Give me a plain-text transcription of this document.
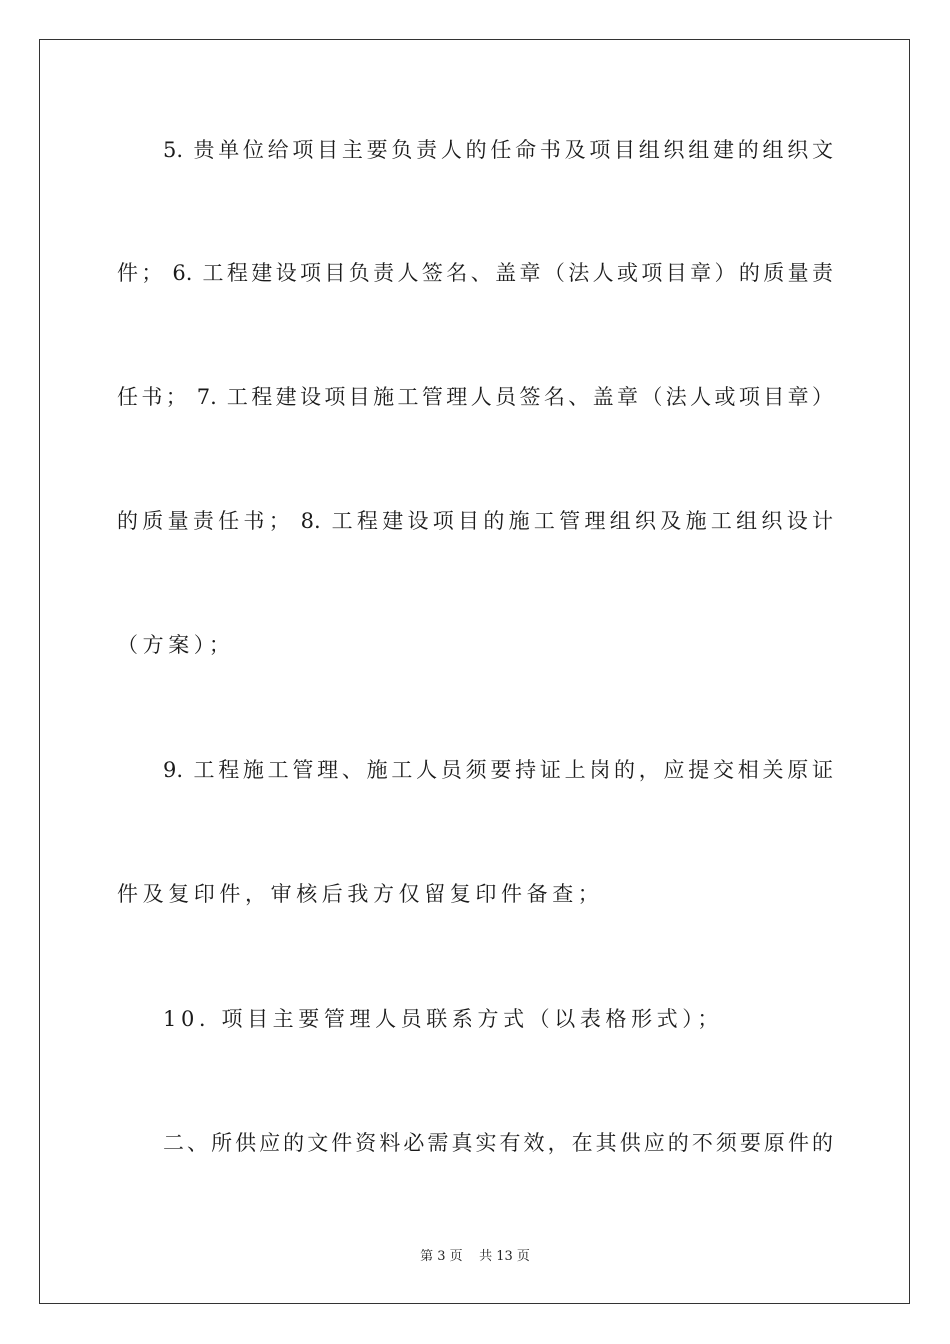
5. 贵单位给项目主要负责人的任命书及项目组织组建的组织文
件； 6. 工程建设项目负责人签名、盖章（法人或项目章）的质量责
任书； 7. 工程建设项目施工管理人员签名、盖章（法人或项目章）
的质量责任书； 8. 工程建设项目的施工管理组织及施工组织设计
（方案）；
9. 工程施工管理、施工人员须要持证上岗的，应提交相关原证
件及复印件，审核后我方仅留复印件备查；
10. 项目主要管理人员联系方式（以表格形式）；
二、所供应的文件资料必需真实有效，在其供应的不须要原件的
第 3 页    共 13 页
